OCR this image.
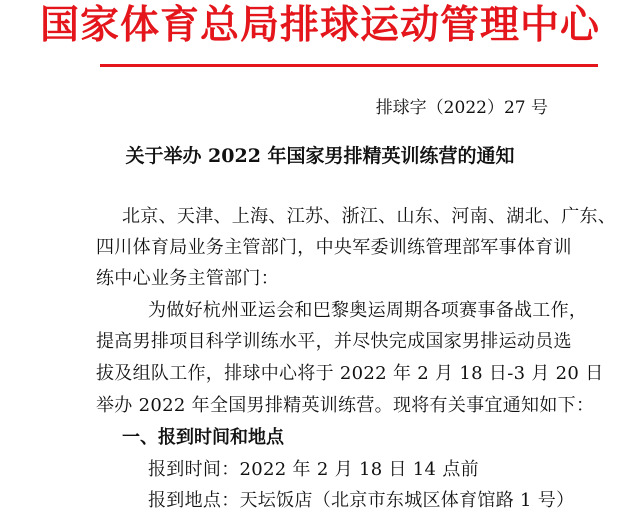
国家体育总局排球运动管理中心
排球字（2022）27 号
关于举办 2022 年国家男排精英训练营的通知
北京、天津、上海、江苏、浙江、山东、河南、湖北、广东、
四川体育局业务主管部门，中央军委训练管理部军事体育训
练中心业务主管部门：
为做好杭州亚运会和巴黎奥运周期各项赛事备战工作，
提高男排项目科学训练水平，并尽快完成国家男排运动员选
拔及组队工作，排球中心将于 2022 年 2 月 18 日-3 月 20 日
举办 2022 年全国男排精英训练营。现将有关事宜通知如下：
一、报到时间和地点
报到时间：2022 年 2 月 18 日 14 点前
报到地点：天坛饭店（北京市东城区体育馆路 1 号）
